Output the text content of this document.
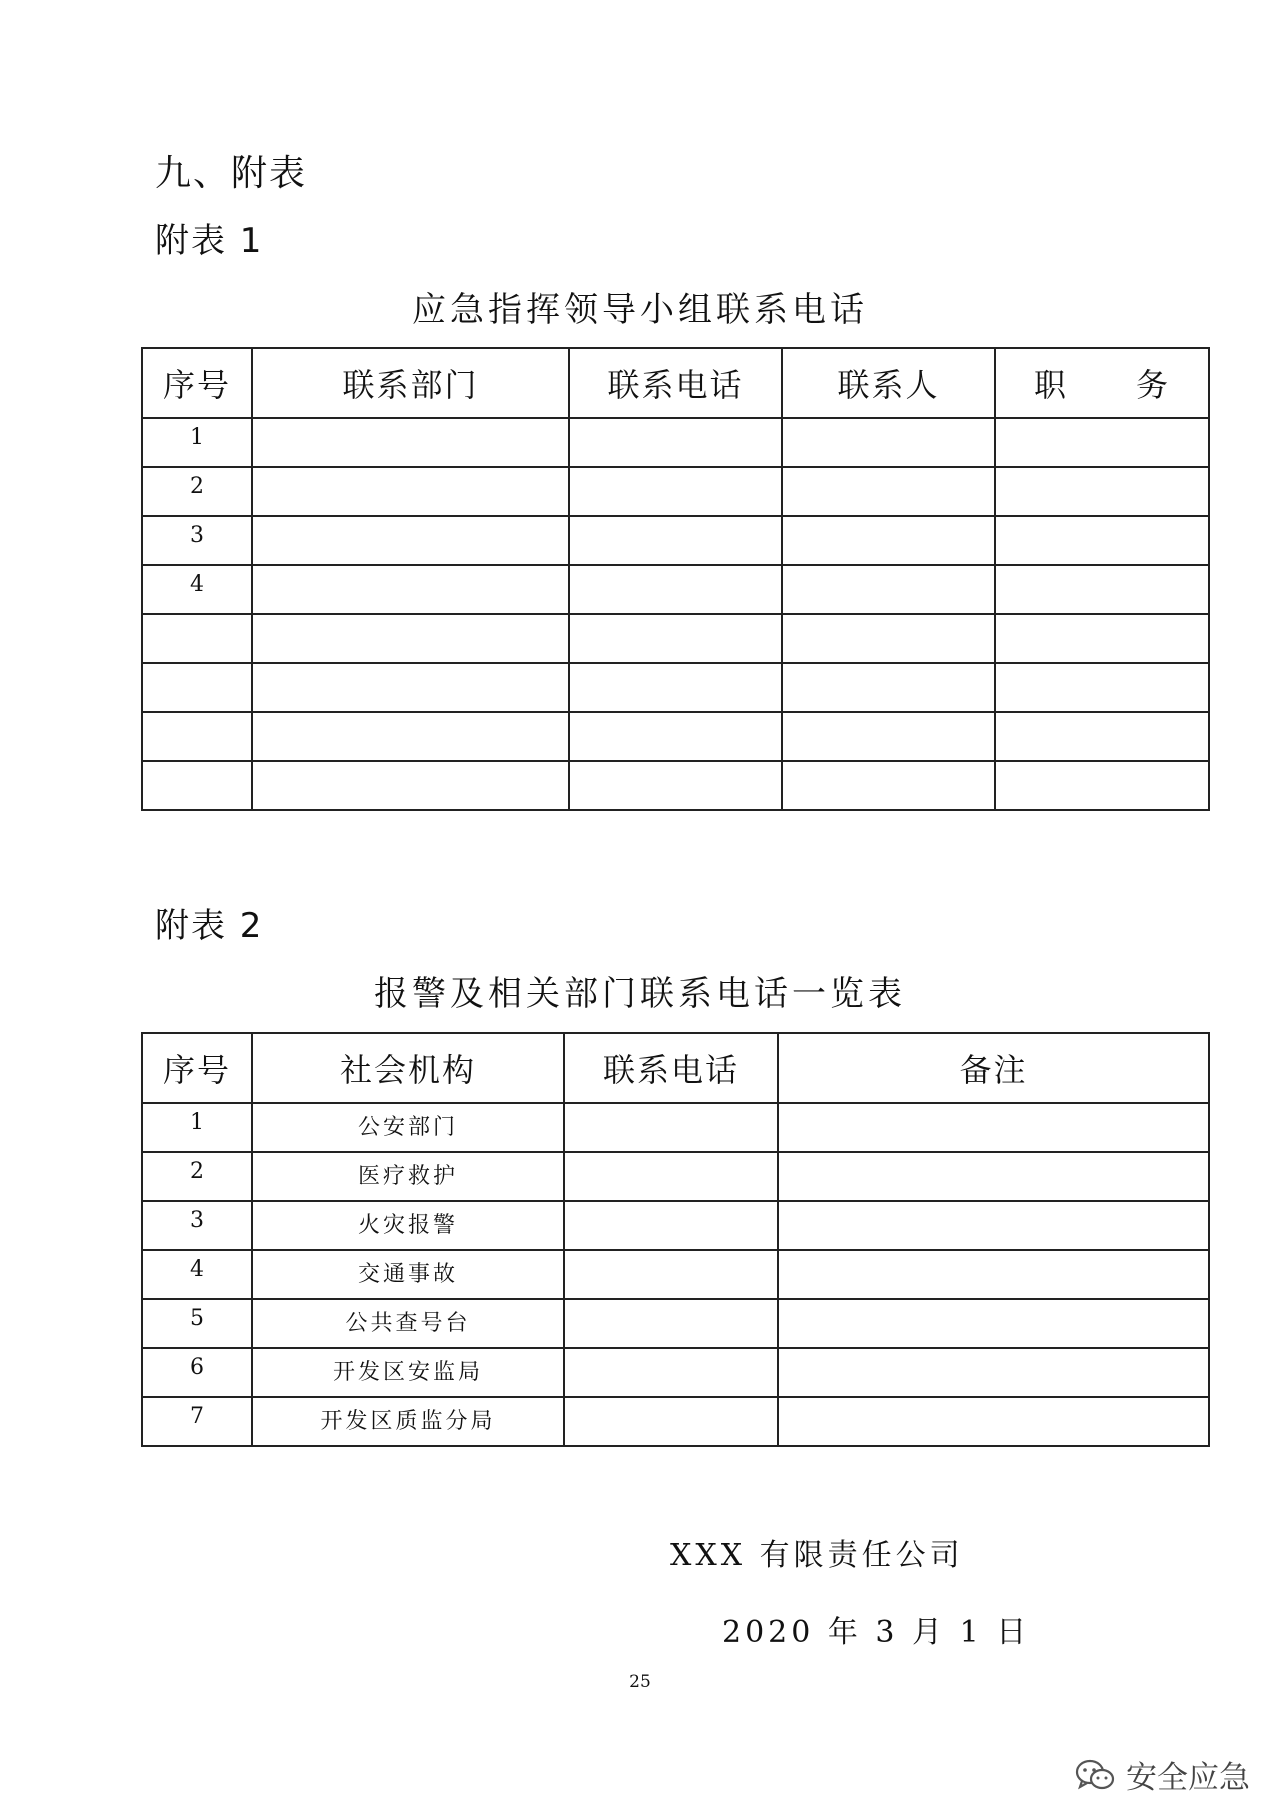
九、附表
附表 1
应急指挥领导小组联系电话
序号	联系部门	联系电话	联系人	职　　务
1				
2				
3				
4				

附表 2
报警及相关部门联系电话一览表
序号	社会机构	联系电话	备注
1	公安部门		
2	医疗救护		
3	火灾报警		
4	交通事故		
5	公共查号台		
6	开发区安监局		
7	开发区质监分局		
XXX 有限责任公司
2020 年 3 月 1 日
25
安全应急
